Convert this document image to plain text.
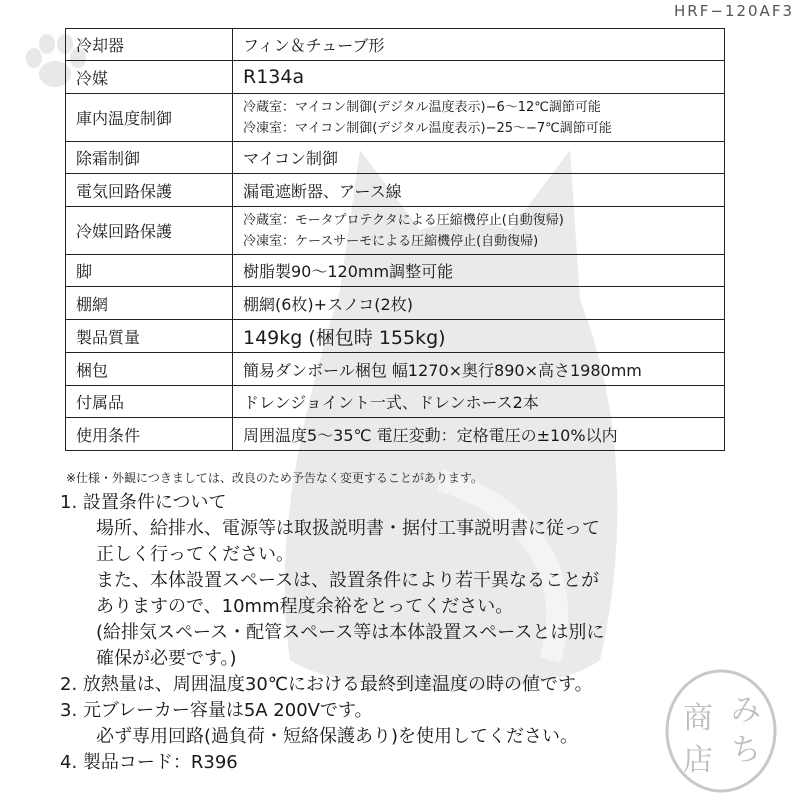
HRF−120AF3
冷却器	フィン＆チューブ形
冷媒	R134a
庫内温度制御	冷蔵室：マイコン制御(デジタル温度表示)−6〜12℃調節可能
冷凍室：マイコン制御(デジタル温度表示)−25〜−7℃調節可能

除霜制御	マイコン制御
電気回路保護	漏電遮断器、アース線
冷媒回路保護	冷蔵室：モータプロテクタによる圧縮機停止(自動復帰)
冷凍室：ケースサーモによる圧縮機停止(自動復帰)

脚	樹脂製90〜120mm調整可能
棚網	棚網(6枚)+スノコ(2枚)
製品質量	149kg (梱包時 155kg)
梱包	簡易ダンボール梱包 幅1270×奥行890×高さ1980mm
付属品	ドレンジョイント一式、ドレンホース2本
使用条件	周囲温度5〜35℃ 電圧変動：定格電圧の±10%以内
※仕様・外観につきましては、改良のため予告なく変更することがあります。
1. 設置条件について
場所、給排水、電源等は取扱説明書・据付工事説明書に従って
正しく行ってください。
また、本体設置スペースは、設置条件により若干異なることが
ありますので、10mm程度余裕をとってください。
(給排気スペース・配管スペース等は本体設置スペースとは別に
確保が必要です。)
2. 放熱量は、周囲温度30℃における最終到達温度の時の値です。
3. 元ブレーカー容量は5A 200Vです。
必ず専用回路(過負荷・短絡保護あり)を使用してください。
4. 製品コード：R396
み
ち
商
店
